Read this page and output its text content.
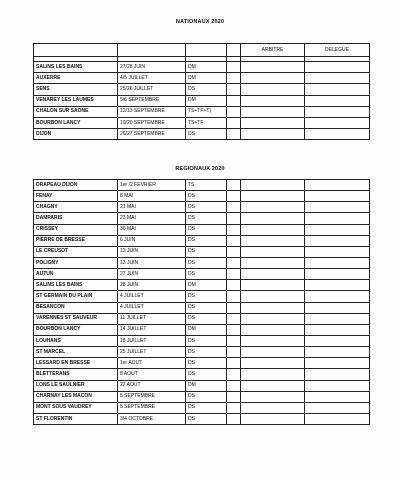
NATIONAUX 2020
				ARBITRE	DELEGUE

SALINS LES BAINS	27/28 JUIN	DM			
AUXERRE	4/5 JUILLET	DM			
SENS	25/26 JUILLET	DS			
VENAREY LES LAUMES	5/6 SEPTEMBRE	DM			
CHALON SUR SAONE	12/13 SEPTEMBRE	TS+TF+T)			
BOURBON LANCY	19/20 SEPTEMBRE	TS+TF			
DIJON	26/27 SEPTEMBRE	DS			
REGIONAUX 2020
DRAPEAU DIJON	1er /2 FEVRIER	TS			
FENAY	8 MAI	DS			
CHAGNY	21 MAI	DS			
DAMPARIS	23 MAI	DS			
CRISSEY	30 MAI	DS			
PIERRE DE BRESSE	6 JUIN	DS			
LE CREUSOT	13 JUIN	DS			
POLIGNY	13 JUIN	DS			
AUTUN	27 JUIN	DS			
SALINS LES BAINS	28 JUIN	DM			
ST GERMAIN DU PLAIN	4 JUILLET	DS			
BESANCON	4 JUILLET	DS			
VARENNES ST SAUVEUR	11 JUILLET	DS			
BOURBON LANCY	14 JUILLET	DM			
LOUHANS	18 JUILLET	DS			
ST MARCEL	25 JUILLET	DS			
LESSARD EN BRESSE	1er AOUT	DS			
BLETTERANS	8 AOUT	DS			
LONS LE SAULNIER	22 AOUT	DM			
CHARNAY LES MACON	5 SEPTEMBRE	DS			
MONT SOUS VAUDREY	5 SEPTEMBRE	DS			
ST FLORENTIN	3/4 OCTOBRE	DS			
